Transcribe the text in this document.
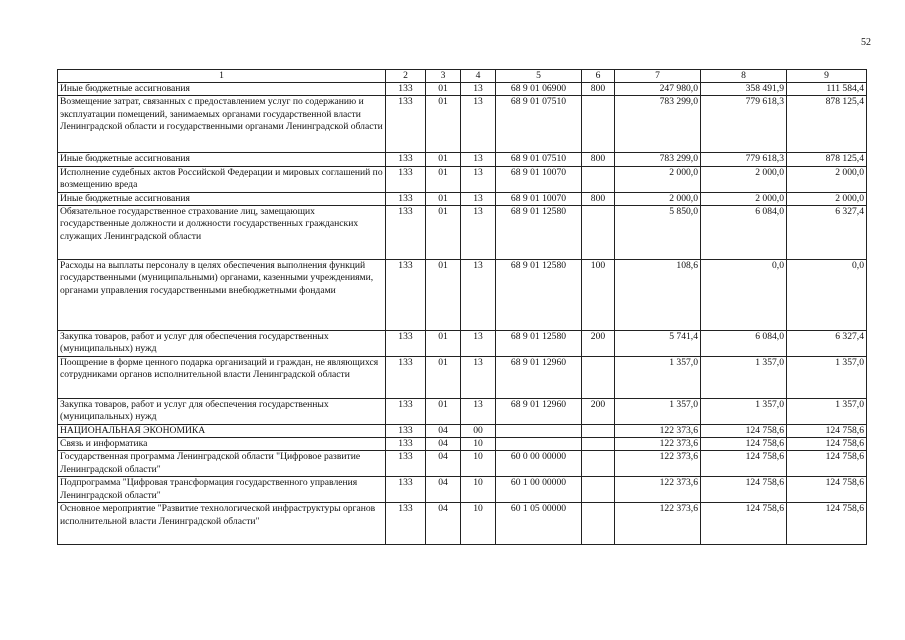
52
1	2	3	4	5	6	7	8	9
Иные бюджетные ассигнования	133	01	13	68 9 01 06900	800	247 980,0	358 491,9	111 584,4
Возмещение затрат, связанных с предоставлением услуг по содержанию и эксплуатации помещений, занимаемых органами государственной власти Ленинградской области и государственными органами Ленинградской области	133	01	13	68 9 01 07510		783 299,0	779 618,3	878 125,4
Иные бюджетные ассигнования	133	01	13	68 9 01 07510	800	783 299,0	779 618,3	878 125,4
Исполнение судебных актов Российской Федерации и мировых соглашений по возмещению вреда	133	01	13	68 9 01 10070		2 000,0	2 000,0	2 000,0
Иные бюджетные ассигнования	133	01	13	68 9 01 10070	800	2 000,0	2 000,0	2 000,0
Обязательное государственное страхование лиц, замещающих государственные должности и должности государственных гражданских служащих Ленинградской области	133	01	13	68 9 01 12580		5 850,0	6 084,0	6 327,4
Расходы на выплаты персоналу в целях обеспечения выполнения функций государственными (муниципальными) органами, казенными учреждениями, органами управления государственными внебюджетными фондами	133	01	13	68 9 01 12580	100	108,6	0,0	0,0
Закупка товаров, работ и услуг для обеспечения государственных (муниципальных) нужд	133	01	13	68 9 01 12580	200	5 741,4	6 084,0	6 327,4
Поощрение в форме ценного подарка организаций и граждан, не являющихся сотрудниками органов исполнительной власти Ленинградской области	133	01	13	68 9 01 12960		1 357,0	1 357,0	1 357,0
Закупка товаров, работ и услуг для обеспечения государственных (муниципальных) нужд	133	01	13	68 9 01 12960	200	1 357,0	1 357,0	1 357,0
НАЦИОНАЛЬНАЯ ЭКОНОМИКА	133	04	00			122 373,6	124 758,6	124 758,6
Связь и информатика	133	04	10			122 373,6	124 758,6	124 758,6
Государственная программа Ленинградской области "Цифровое развитие Ленинградской области"	133	04	10	60 0 00 00000		122 373,6	124 758,6	124 758,6
Подпрограмма "Цифровая трансформация государственного управления Ленинградской области"	133	04	10	60 1 00 00000		122 373,6	124 758,6	124 758,6
Основное мероприятие "Развитие технологической инфраструктуры органов исполнительной власти Ленинградской области"	133	04	10	60 1 05 00000		122 373,6	124 758,6	124 758,6
